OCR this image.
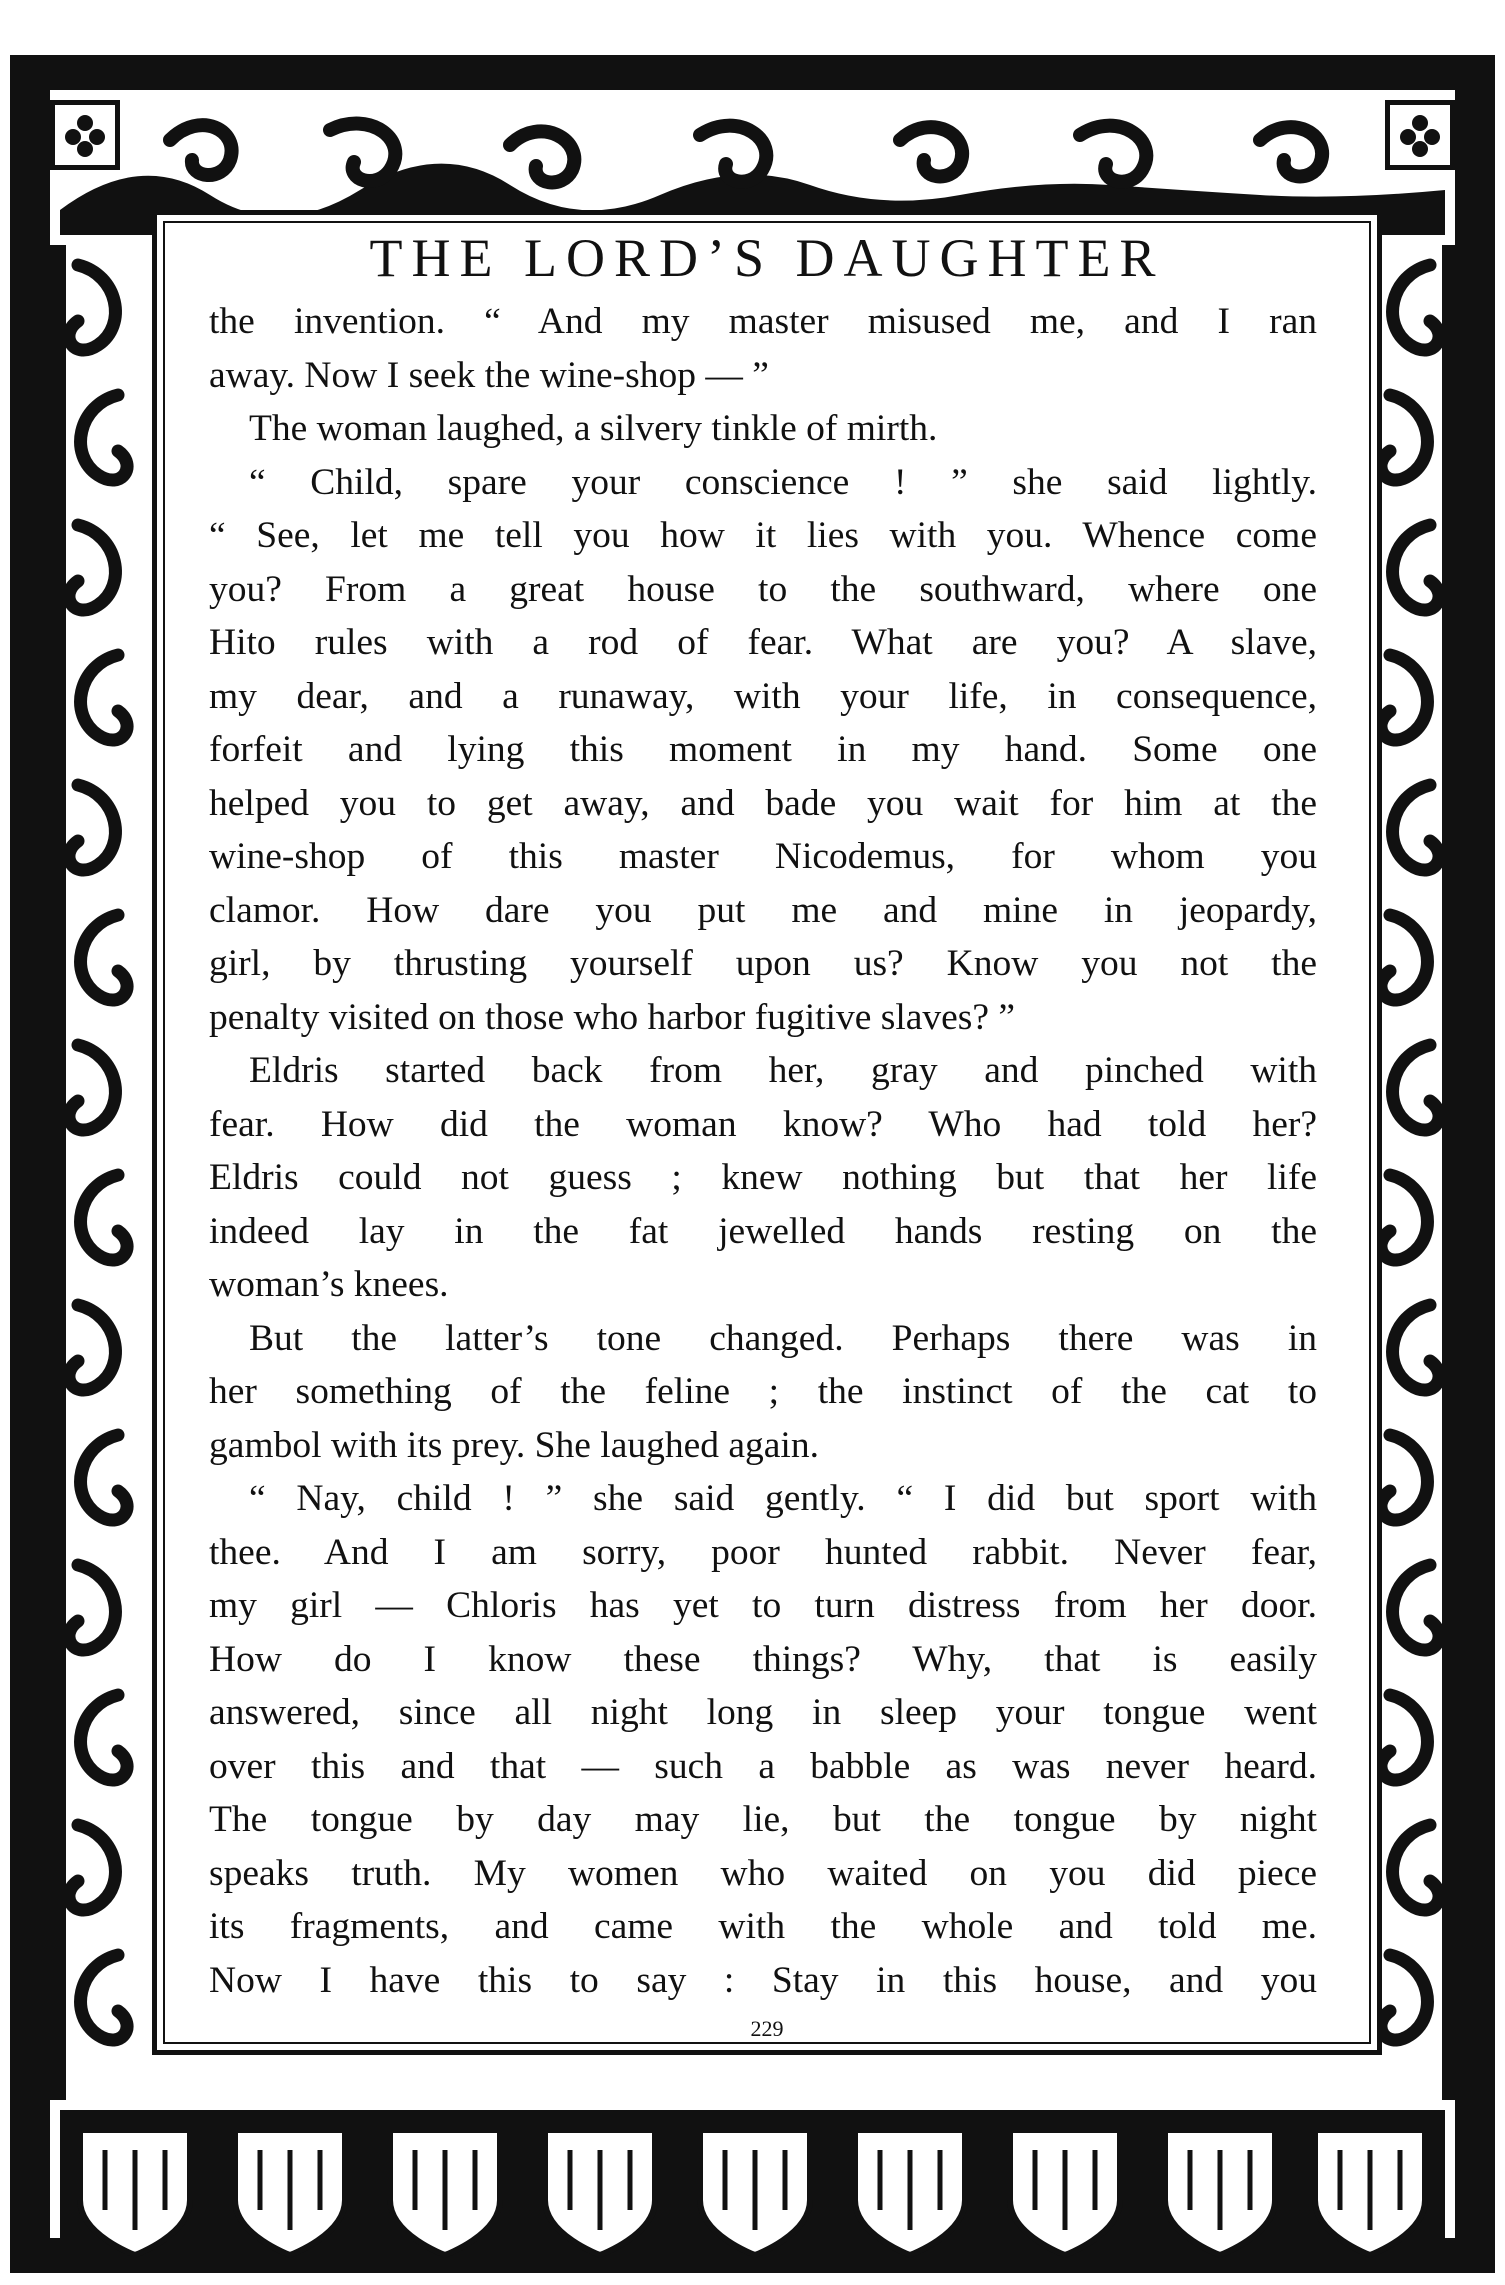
THE LORD’S DAUGHTER
the invention. “ And my master misused me, and I ran
away. Now I seek the wine-shop — ”
The woman laughed, a silvery tinkle of mirth.
“ Child, spare your conscience ! ” she said lightly.
“ See, let me tell you how it lies with you. Whence come
you? From a great house to the southward, where one
Hito rules with a rod of fear. What are you? A slave,
my dear, and a runaway, with your life, in consequence,
forfeit and lying this moment in my hand. Some one
helped you to get away, and bade you wait for him at the
wine-shop of this master Nicodemus, for whom you
clamor. How dare you put me and mine in jeopardy,
girl, by thrusting yourself upon us? Know you not the
penalty visited on those who harbor fugitive slaves? ”
Eldris started back from her, gray and pinched with
fear. How did the woman know? Who had told her?
Eldris could not guess ; knew nothing but that her life
indeed lay in the fat jewelled hands resting on the
woman’s knees.
But the latter’s tone changed. Perhaps there was in
her something of the feline ; the instinct of the cat to
gambol with its prey. She laughed again.
“ Nay, child ! ” she said gently. “ I did but sport with
thee. And I am sorry, poor hunted rabbit. Never fear,
my girl — Chloris has yet to turn distress from her door.
How do I know these things? Why, that is easily
answered, since all night long in sleep your tongue went
over this and that — such a babble as was never heard.
The tongue by day may lie, but the tongue by night
speaks truth. My women who waited on you did piece
its fragments, and came with the whole and told me.
Now I have this to say : Stay in this house, and you
229
